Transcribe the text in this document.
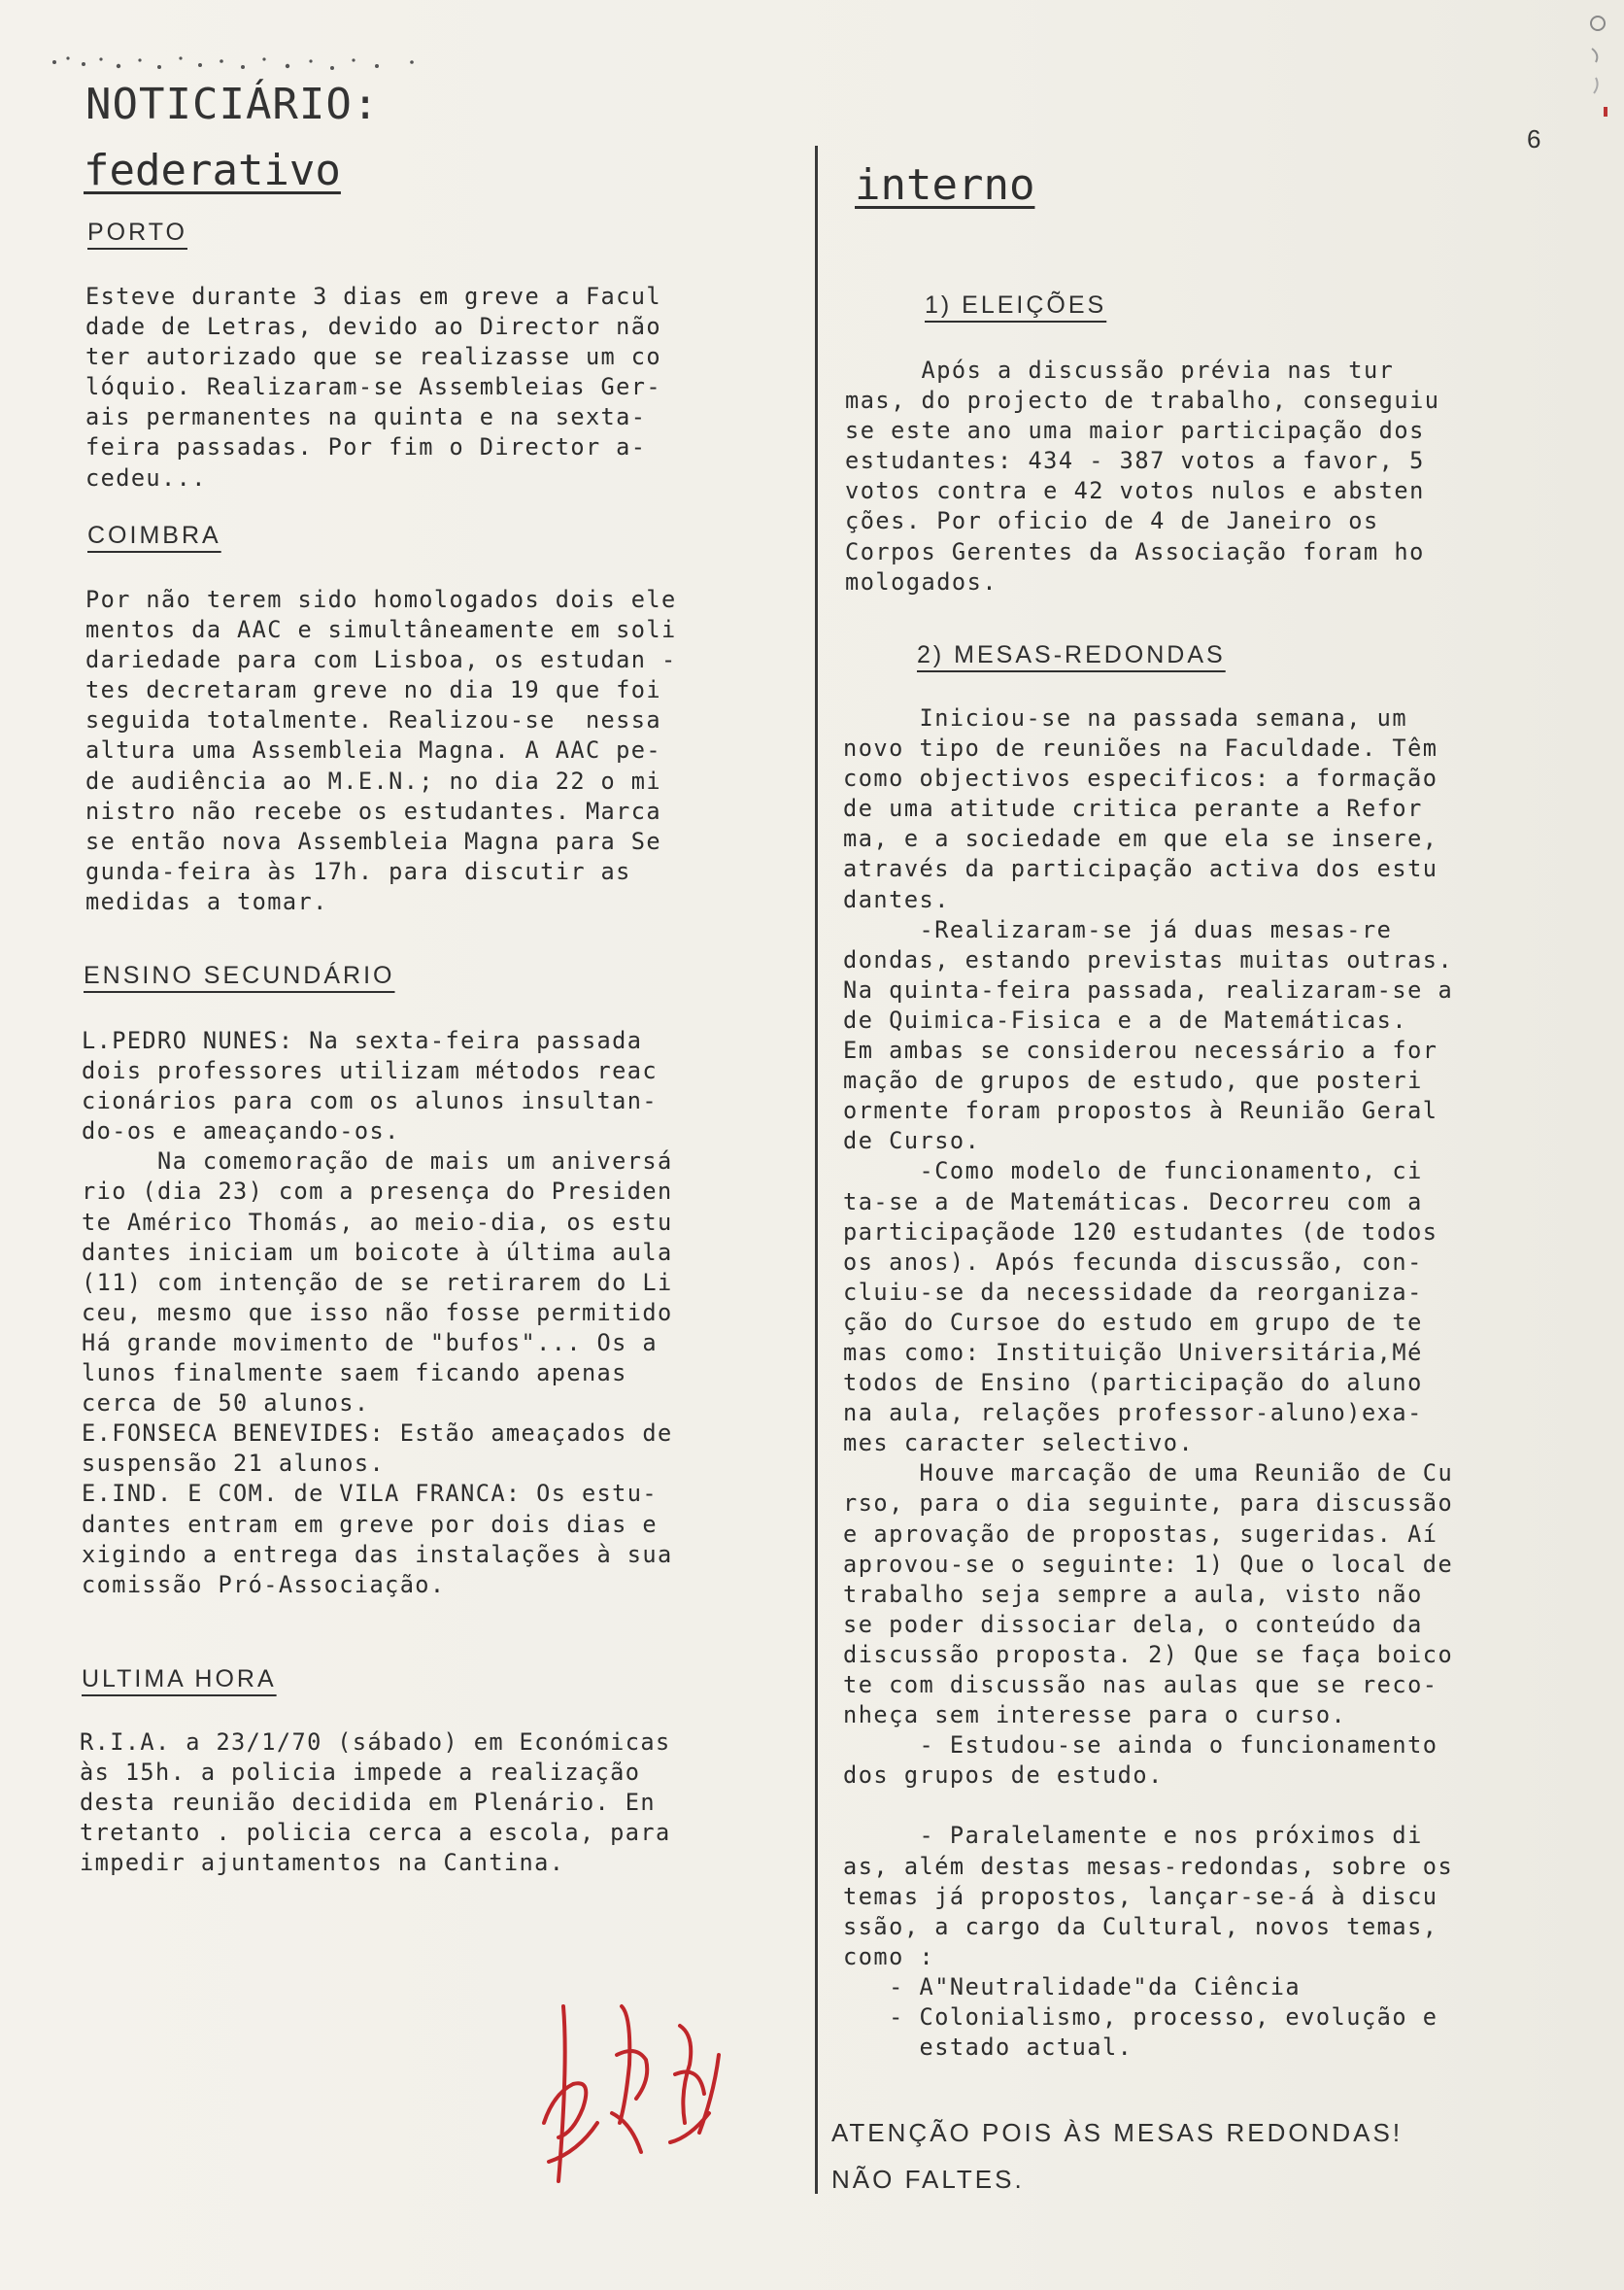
NOTICIÁRIO:
6
federativo
PORTO
Esteve durante 3 dias em greve a Facul
dade de Letras, devido ao Director não
ter autorizado que se realizasse um co
lóquio. Realizaram-se Assembleias Ger-
ais permanentes na quinta e na sexta-
feira passadas. Por fim o Director a-
cedeu...
COIMBRA
Por não terem sido homologados dois ele
mentos da AAC e simultâneamente em soli
dariedade para com Lisboa, os estudan -
tes decretaram greve no dia 19 que foi
seguida totalmente. Realizou-se  nessa
altura uma Assembleia Magna. A AAC pe-
de audiência ao M.E.N.; no dia 22 o mi
nistro não recebe os estudantes. Marca
se então nova Assembleia Magna para Se
gunda-feira às 17h. para discutir as
medidas a tomar.
ENSINO SECUNDÁRIO
L.PEDRO NUNES: Na sexta-feira passada
dois professores utilizam métodos reac
cionários para com os alunos insultan-
do-os e ameaçando-os.
Na comemoração de mais um aniversá
rio (dia 23) com a presença do Presiden
te Américo Thomás, ao meio-dia, os estu
dantes iniciam um boicote à última aula
(11) com intenção de se retirarem do Li
ceu, mesmo que isso não fosse permitido
Há grande movimento de "bufos"... Os a
lunos finalmente saem ficando apenas
cerca de 50 alunos.
E.FONSECA BENEVIDES: Estão ameaçados de
suspensão 21 alunos.
E.IND. E COM. de VILA FRANCA: Os estu-
dantes entram em greve por dois dias e
xigindo a entrega das instalações à sua
comissão Pró-Associação.
ULTIMA HORA
R.I.A. a 23/1/70 (sábado) em Económicas
às 15h. a policia impede a realização
desta reunião decidida em Plenário. En
tretanto . policia cerca a escola, para
impedir ajuntamentos na Cantina.
interno
1) ELEIÇÕES
Após a discussão prévia nas tur
mas, do projecto de trabalho, conseguiu
se este ano uma maior participação dos
estudantes: 434 - 387 votos a favor, 5
votos contra e 42 votos nulos e absten
ções. Por oficio de 4 de Janeiro os
Corpos Gerentes da Associação foram ho
mologados.
2) MESAS-REDONDAS
Iniciou-se na passada semana, um
novo tipo de reuniões na Faculdade. Têm
como objectivos especificos: a formação
de uma atitude critica perante a Refor
ma, e a sociedade em que ela se insere,
através da participação activa dos estu
dantes.
-Realizaram-se já duas mesas-re
dondas, estando previstas muitas outras.
Na quinta-feira passada, realizaram-se a
de Quimica-Fisica e a de Matemáticas.
Em ambas se considerou necessário a for
mação de grupos de estudo, que posteri
ormente foram propostos à Reunião Geral
de Curso.
-Como modelo de funcionamento, ci
ta-se a de Matemáticas. Decorreu com a
participaçãode 120 estudantes (de todos
os anos). Após fecunda discussão, con-
cluiu-se da necessidade da reorganiza-
ção do Cursoe do estudo em grupo de te
mas como: Instituição Universitária,Mé
todos de Ensino (participação do aluno
na aula, relações professor-aluno)exa-
mes caracter selectivo.
Houve marcação de uma Reunião de Cu
rso, para o dia seguinte, para discussão
e aprovação de propostas, sugeridas. Aí
aprovou-se o seguinte: 1) Que o local de
trabalho seja sempre a aula, visto não
se poder dissociar dela, o conteúdo da
discussão proposta. 2) Que se faça boico
te com discussão nas aulas que se reco-
nheça sem interesse para o curso.
- Estudou-se ainda o funcionamento
dos grupos de estudo.

- Paralelamente e nos próximos di
as, além destas mesas-redondas, sobre os
temas já propostos, lançar-se-á à discu
ssão, a cargo da Cultural, novos temas,
como :
- A"Neutralidade"da Ciência
- Colonialismo, processo, evolução e
estado actual.
ATENÇÃO POIS ÀS MESAS REDONDAS!
NÃO FALTES.
